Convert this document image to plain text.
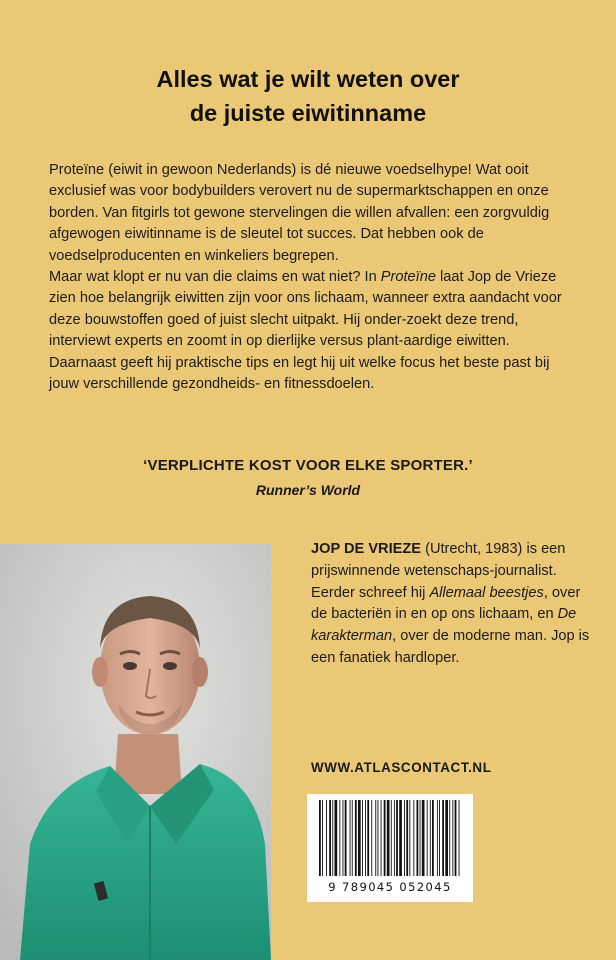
Alles wat je wilt weten over
de juiste eiwitinname

Proteïne (eiwit in gewoon Nederlands) is dé nieuwe voedselhype! Wat ooit exclusief was voor bodybuilders verovert nu de supermarktschappen en onze borden. Van fitgirls tot gewone stervelingen die willen afvallen: een zorgvuldig afgewogen eiwitinname is de sleutel tot succes. Dat hebben ook de voedselproducenten en winkeliers begrepen.

Maar wat klopt er nu van die claims en wat niet? In Proteïne laat Jop de Vrieze zien hoe belangrijk eiwitten zijn voor ons lichaam, wanneer extra aandacht voor deze bouwstoffen goed of juist slecht uitpakt. Hij onder-zoekt deze trend, interviewt experts en zoomt in op dierlijke versus plant-aardige eiwitten. Daarnaast geeft hij praktische tips en legt hij uit welke focus het beste past bij jouw verschillende gezondheids- en fitnessdoelen.

‘VERPLICHTE KOST VOOR ELKE SPORTER.’
Runner’s World
JOP DE VRIEZE (Utrecht, 1983) is een prijswinnende wetenschaps-journalist. Eerder schreef hij Allemaal beestjes, over de bacteriën in en op ons lichaam, en De karakterman, over de moderne man. Jop is een fanatiek hardloper.
WWW.ATLASCONTACT.NL
9 789045 052045
